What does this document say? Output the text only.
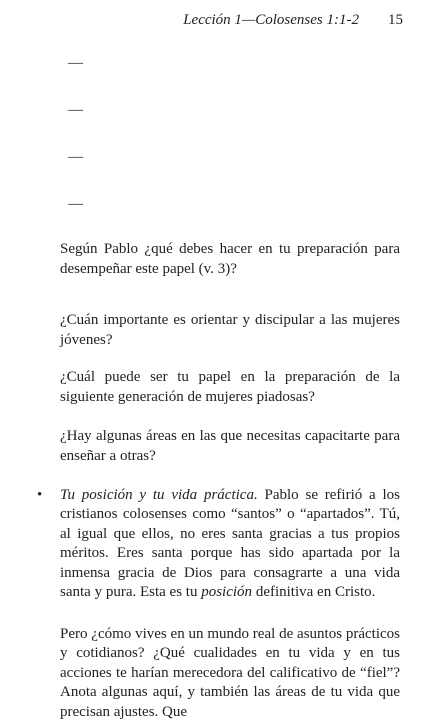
Lección 1—Colosenses 1:1-2 15
—
—
—
—

Según Pablo ¿qué debes hacer en tu preparación para desempeñar este papel (v. 3)?

¿Cuán importante es orientar y discipular a las mujeres jóvenes?

¿Cuál puede ser tu papel en la preparación de la siguiente generación de mujeres piadosas?

¿Hay algunas áreas en las que necesitas capacitarte para enseñar a otras?

• Tu posición y tu vida práctica. Pablo se refirió a los cristianos colosenses como “santos” o “apartados”. Tú, al igual que ellos, no eres santa gracias a tus propios méritos. Eres santa porque has sido apartada por la inmensa gracia de Dios para consagrarte a una vida santa y pura. Esta es tu posición definitiva en Cristo.

Pero ¿cómo vives en un mundo real de asuntos prácticos y cotidianos? ¿Qué cualidades en tu vida y en tus acciones te harían merecedora del calificativo de “fiel”? Anota algunas aquí, y también las áreas de tu vida que precisan ajustes. Que
